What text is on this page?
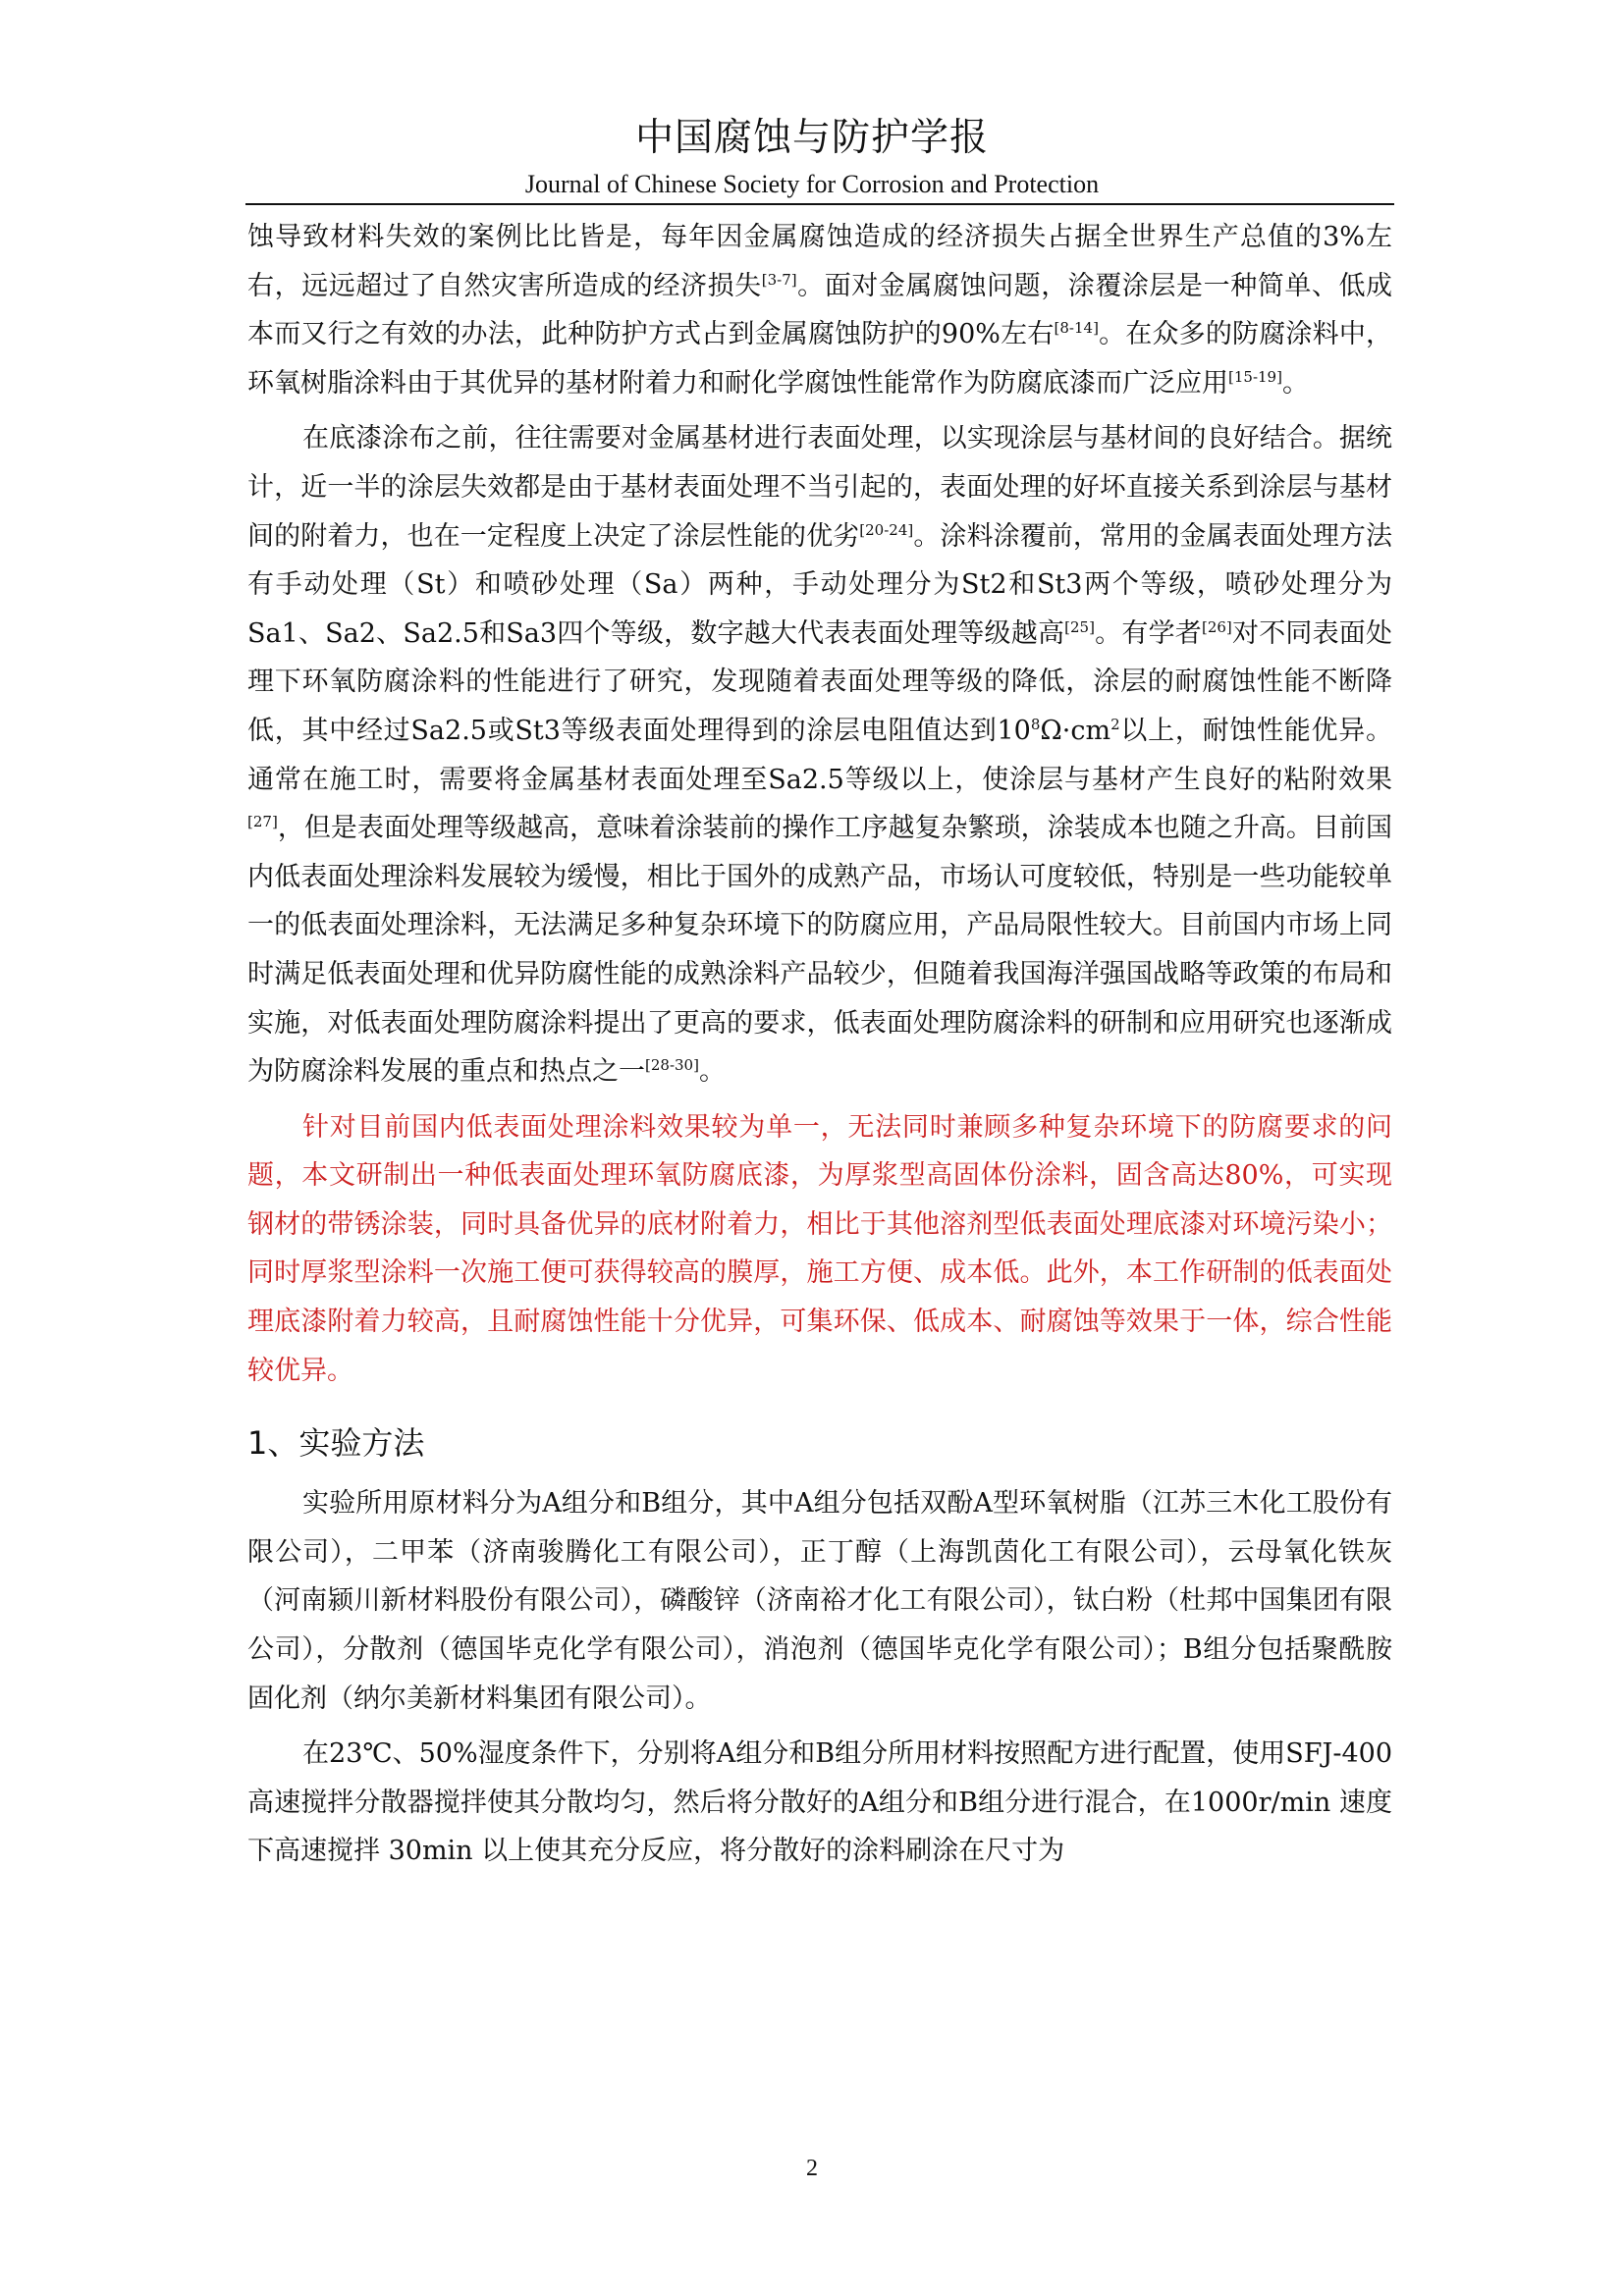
中国腐蚀与防护学报
Journal of Chinese Society for Corrosion and Protection

蚀导致材料失效的案例比比皆是，每年因金属腐蚀造成的经济损失占据全世界生产总值的3%左右，远远超过了自然灾害所造成的经济损失[3-7]。面对金属腐蚀问题，涂覆涂层是一种简单、低成本而又行之有效的办法，此种防护方式占到金属腐蚀防护的90%左右[8-14]。在众多的防腐涂料中，环氧树脂涂料由于其优异的基材附着力和耐化学腐蚀性能常作为防腐底漆而广泛应用[15-19]。

在底漆涂布之前，往往需要对金属基材进行表面处理，以实现涂层与基材间的良好结合。据统计，近一半的涂层失效都是由于基材表面处理不当引起的，表面处理的好坏直接关系到涂层与基材间的附着力，也在一定程度上决定了涂层性能的优劣[20-24]。涂料涂覆前，常用的金属表面处理方法有手动处理（St）和喷砂处理（Sa）两种，手动处理分为St2和St3两个等级，喷砂处理分为Sa1、Sa2、Sa2.5和Sa3四个等级，数字越大代表表面处理等级越高[25]。有学者[26]对不同表面处理下环氧防腐涂料的性能进行了研究，发现随着表面处理等级的降低，涂层的耐腐蚀性能不断降低，其中经过Sa2.5或St3等级表面处理得到的涂层电阻值达到$10^8\Omega\cdot cm^2$以上，耐蚀性能优异。通常在施工时，需要将金属基材表面处理至Sa2.5等级以上，使涂层与基材产生良好的粘附效果[27]，但是表面处理等级越高，意味着涂装前的操作工序越复杂繁琐，涂装成本也随之升高。目前国内低表面处理涂料发展较为缓慢，相比于国外的成熟产品，市场认可度较低，特别是一些功能较单一的低表面处理涂料，无法满足多种复杂环境下的防腐应用，产品局限性较大。目前国内市场上同时满足低表面处理和优异防腐性能的成熟涂料产品较少，但随着我国海洋强国战略等政策的布局和实施，对低表面处理防腐涂料提出了更高的要求，低表面处理防腐涂料的研制和应用研究也逐渐成为防腐涂料发展的重点和热点之一[28-30]。

针对目前国内低表面处理涂料效果较为单一，无法同时兼顾多种复杂环境下的防腐要求的问题，本文研制出一种低表面处理环氧防腐底漆，为厚浆型高固体份涂料，固含高达80%，可实现钢材的带锈涂装，同时具备优异的底材附着力，相比于其他溶剂型低表面处理底漆对环境污染小；同时厚浆型涂料一次施工便可获得较高的膜厚，施工方便、成本低。此外，本工作研制的低表面处理底漆附着力较高，且耐腐蚀性能十分优异，可集环保、低成本、耐腐蚀等效果于一体，综合性能较优异。

1、实验方法

实验所用原材料分为A组分和B组分，其中A组分包括双酚A型环氧树脂（江苏三木化工股份有限公司），二甲苯（济南骏腾化工有限公司），正丁醇（上海凯茵化工有限公司），云母氧化铁灰（河南颍川新材料股份有限公司），磷酸锌（济南裕才化工有限公司），钛白粉（杜邦中国集团有限公司），分散剂（德国毕克化学有限公司），消泡剂（德国毕克化学有限公司）；B组分包括聚酰胺固化剂（纳尔美新材料集团有限公司）。

在23℃、50%湿度条件下，分别将A组分和B组分所用材料按照配方进行配置，使用SFJ-400高速搅拌分散器搅拌使其分散均匀，然后将分散好的A组分和B组分进行混合，在1000r/min 速度下高速搅拌 30min 以上使其充分反应，将分散好的涂料刷涂在尺寸为

2
